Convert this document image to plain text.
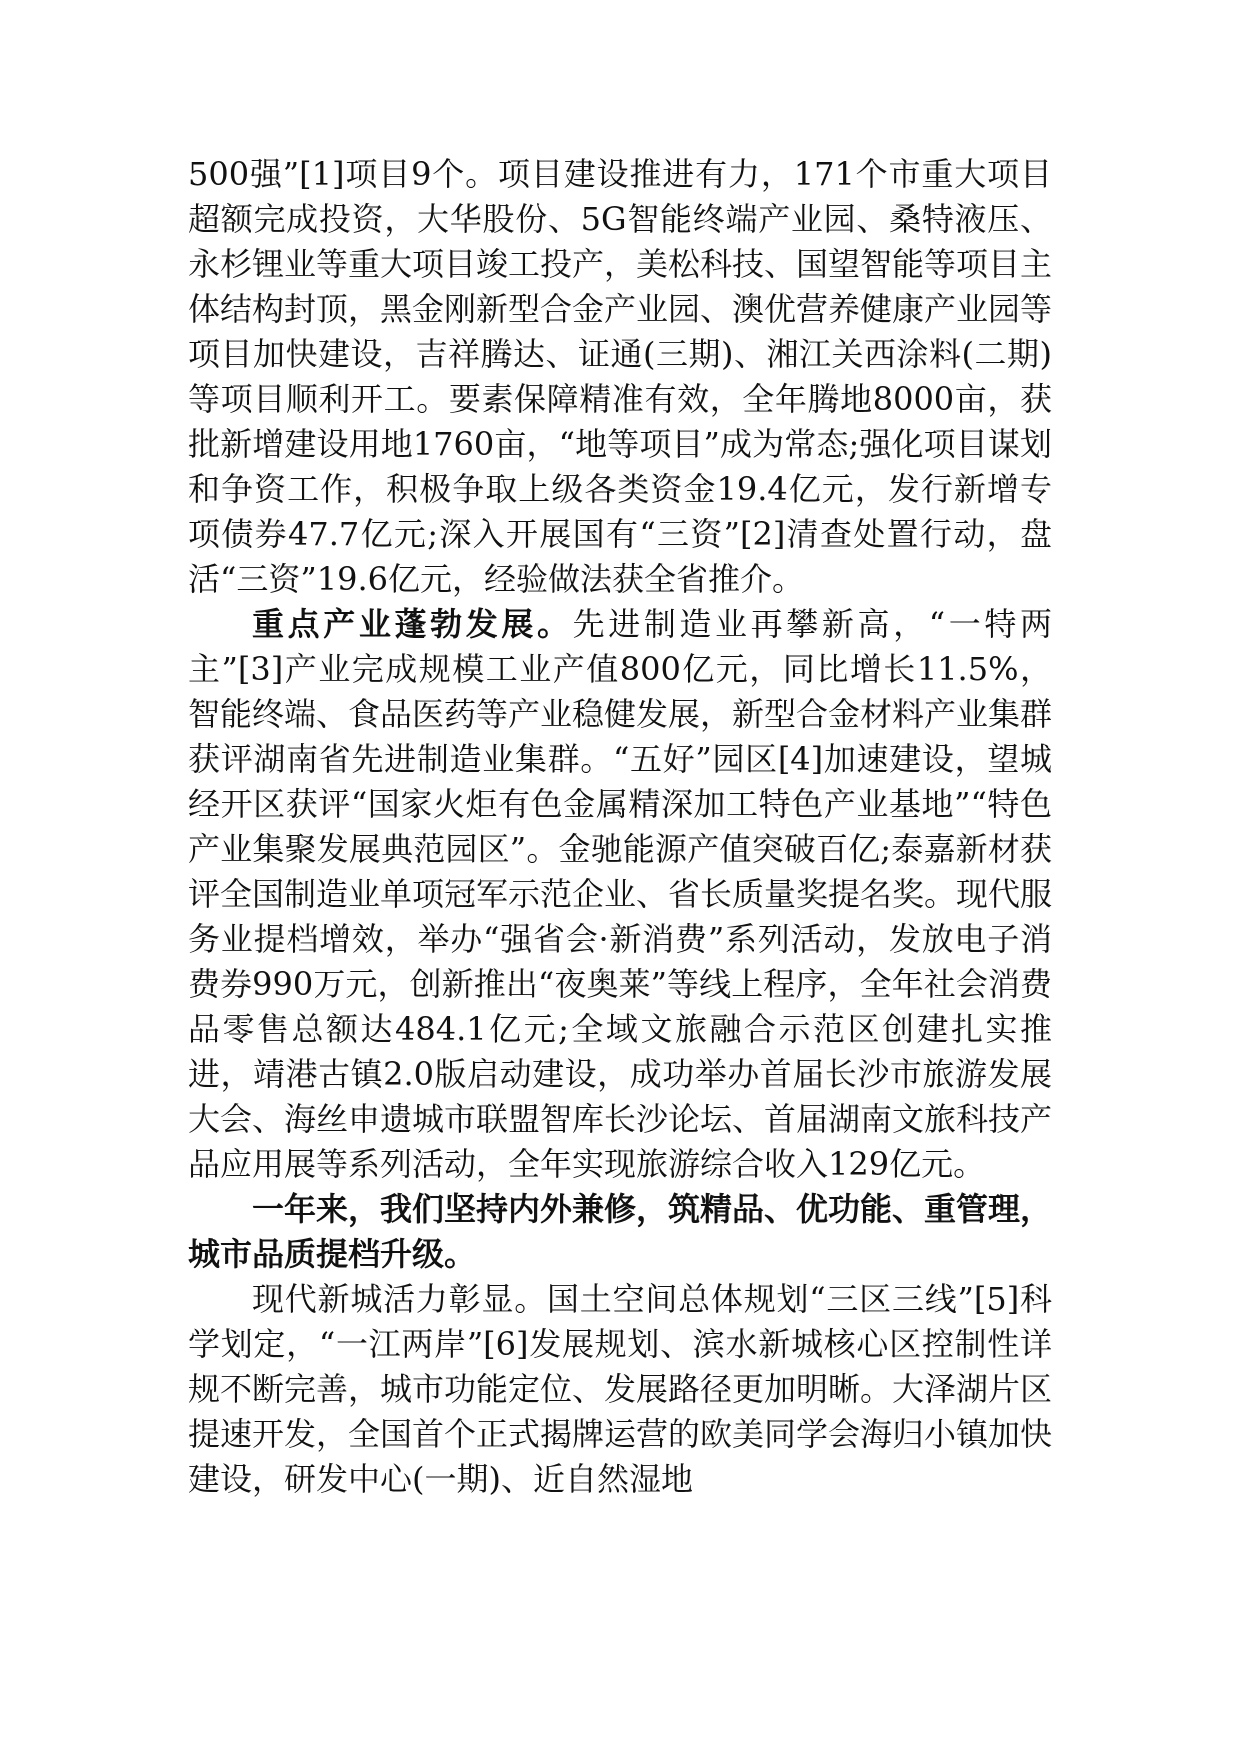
500强”[1]项目9个。项目建设推进有力，171个市重大项目超额完成投资，大华股份、5G智能终端产业园、桑特液压、永杉锂业等重大项目竣工投产，美松科技、国望智能等项目主体结构封顶，黑金刚新型合金产业园、澳优营养健康产业园等项目加快建设，吉祥腾达、证通(三期)、湘江关西涂料(二期)等项目顺利开工。要素保障精准有效，全年腾地8000亩，获批新增建设用地1760亩，“地等项目”成为常态;强化项目谋划和争资工作，积极争取上级各类资金19.4亿元，发行新增专项债券47.7亿元;深入开展国有“三资”[2]清查处置行动，盘活“三资”19.6亿元，经验做法获全省推介。

重点产业蓬勃发展。先进制造业再攀新高，“一特两主”[3]产业完成规模工业产值800亿元，同比增长11.5%，智能终端、食品医药等产业稳健发展，新型合金材料产业集群获评湖南省先进制造业集群。“五好”园区[4]加速建设，望城经开区获评“国家火炬有色金属精深加工特色产业基地”“特色产业集聚发展典范园区”。金驰能源产值突破百亿;泰嘉新材获评全国制造业单项冠军示范企业、省长质量奖提名奖。现代服务业提档增效，举办“强省会·新消费”系列活动，发放电子消费券990万元，创新推出“夜奥莱”等线上程序，全年社会消费品零售总额达484.1亿元;全域文旅融合示范区创建扎实推进，靖港古镇2.0版启动建设，成功举办首届长沙市旅游发展大会、海丝申遗城市联盟智库长沙论坛、首届湖南文旅科技产品应用展等系列活动，全年实现旅游综合收入129亿元。

一年来，我们坚持内外兼修，筑精品、优功能、重管理，城市品质提档升级。

现代新城活力彰显。国土空间总体规划“三区三线”[5]科学划定，“一江两岸”[6]发展规划、滨水新城核心区控制性详规不断完善，城市功能定位、发展路径更加明晰。大泽湖片区提速开发，全国首个正式揭牌运营的欧美同学会海归小镇加快建设，研发中心(一期)、近自然湿地
